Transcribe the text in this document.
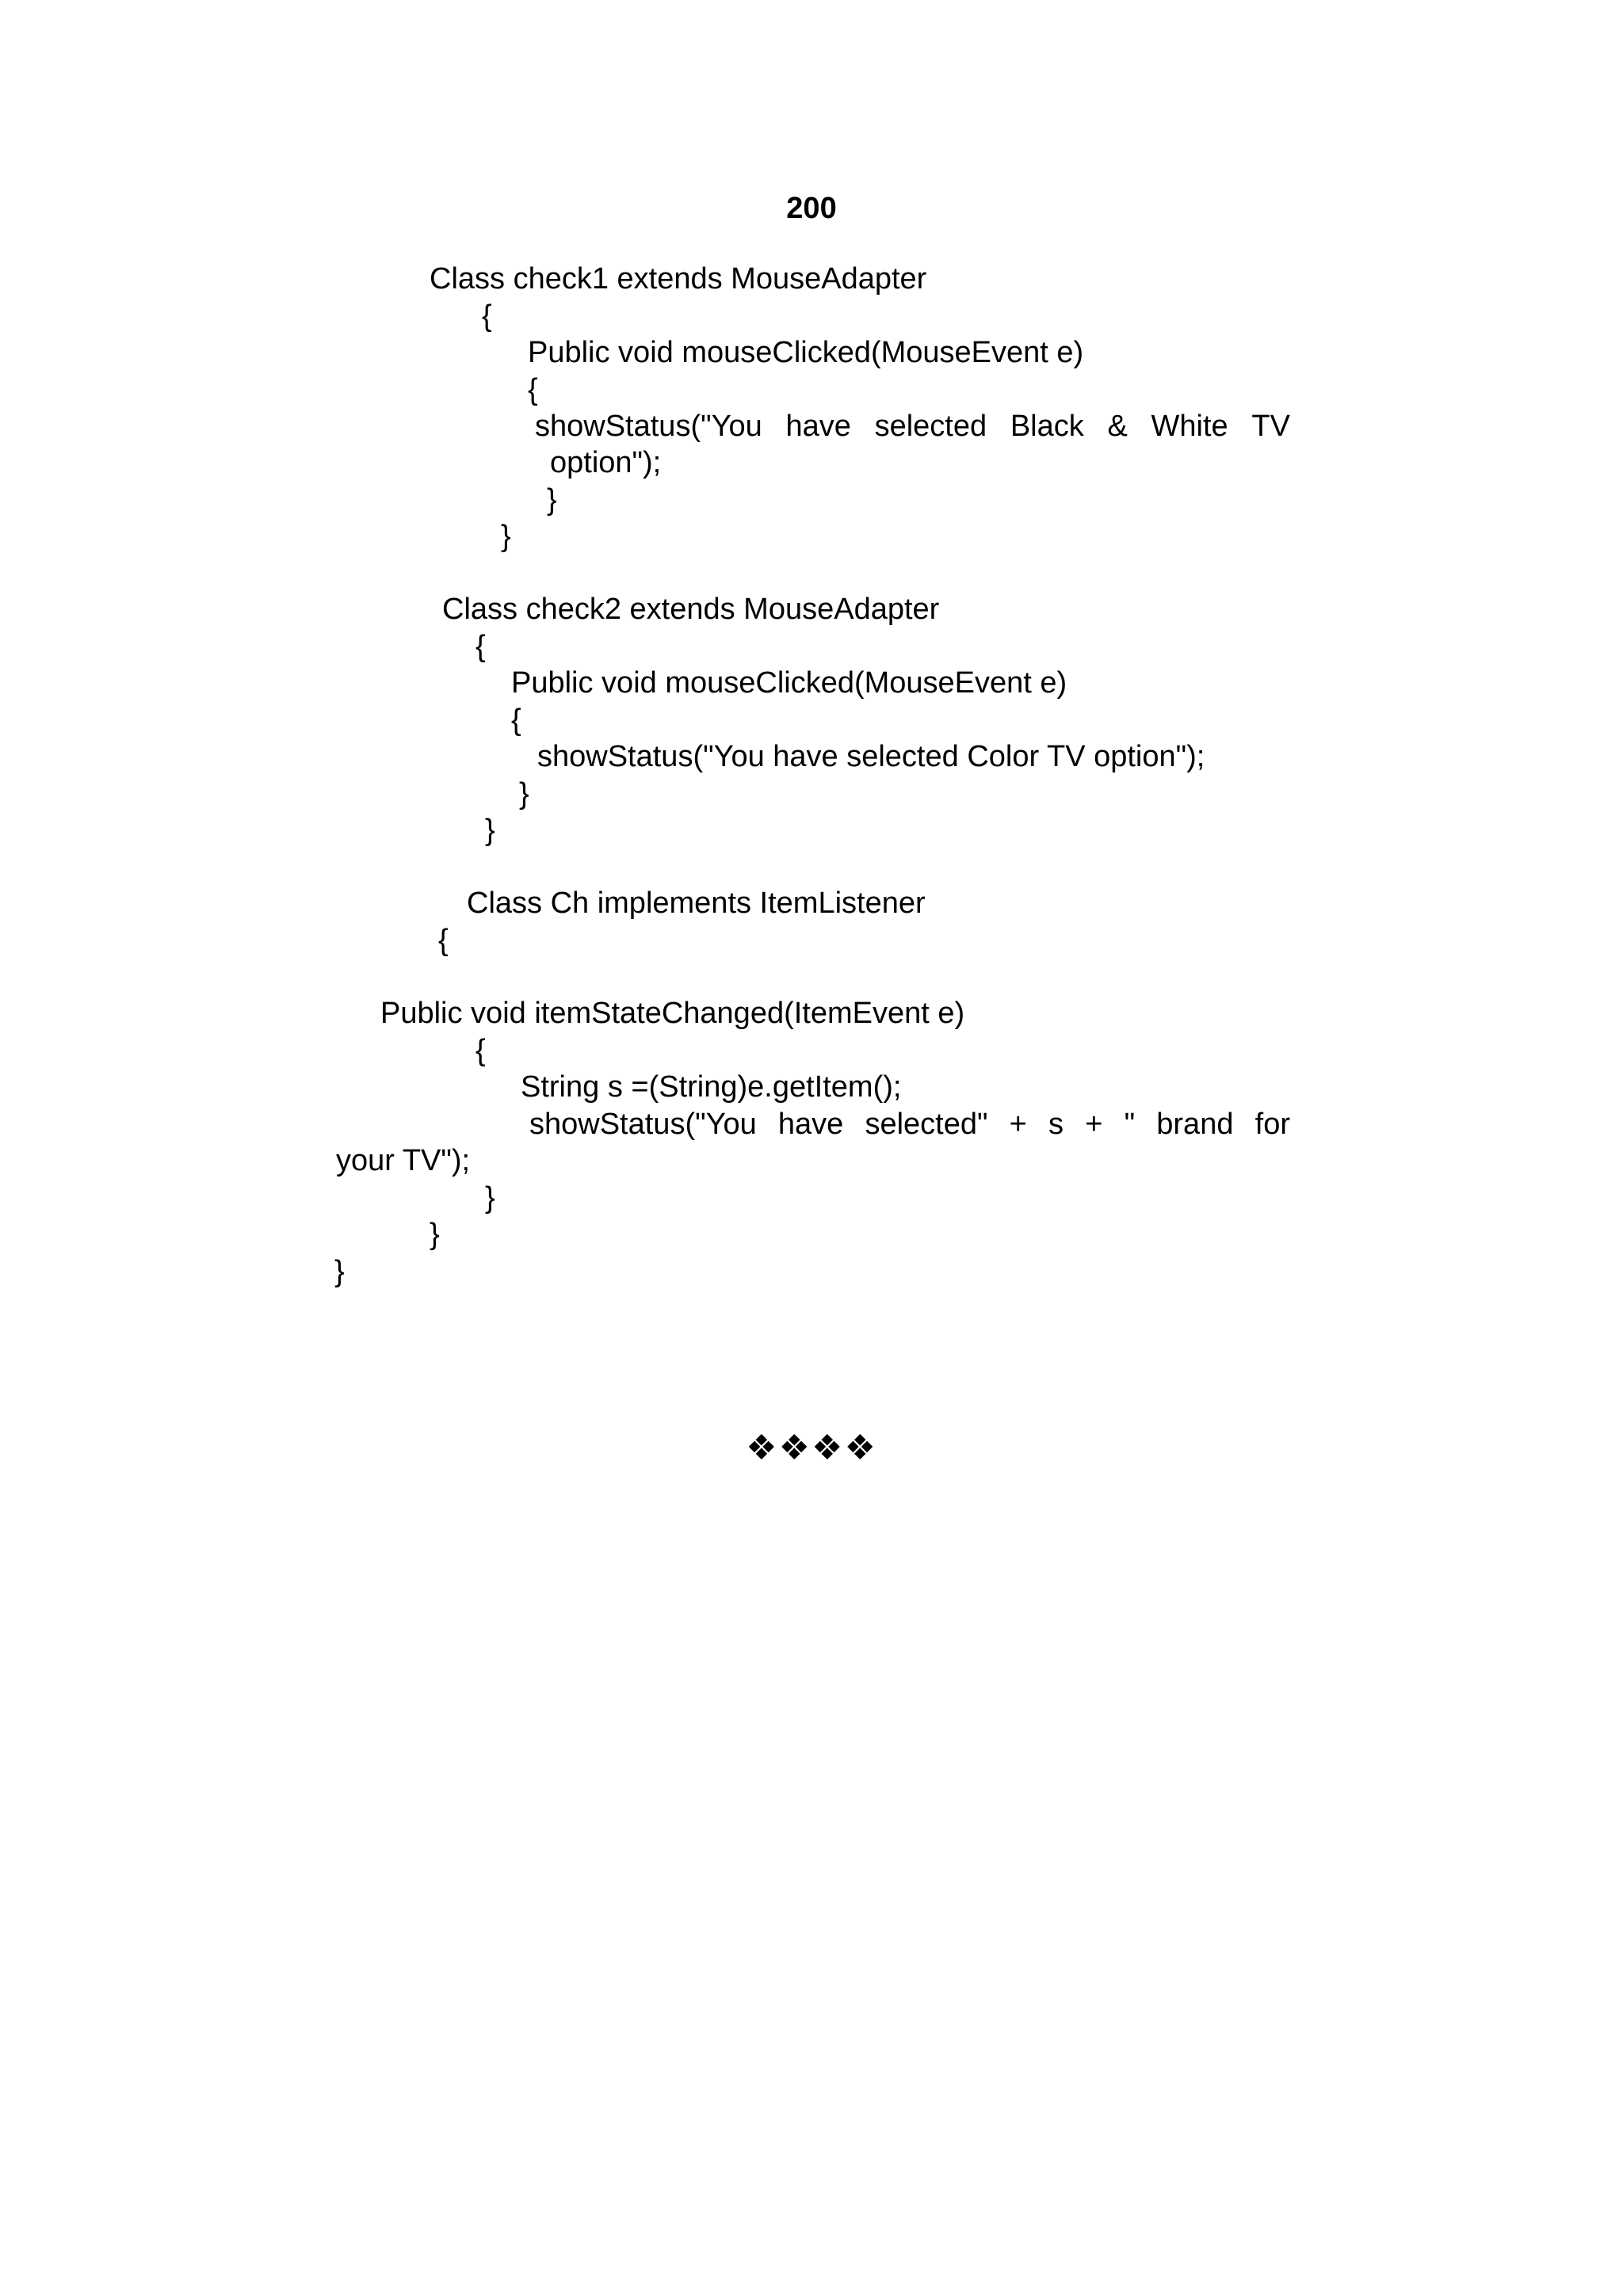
200
Class check1 extends MouseAdapter
{
Public void mouseClicked(MouseEvent e)
{
showStatus("You have selected Black & White TV
option");
}
}
Class check2 extends MouseAdapter
{
Public void mouseClicked(MouseEvent e)
{
showStatus("You have selected Color TV option");
}
}
Class Ch implements ItemListener
{
Public void itemStateChanged(ItemEvent e)
{
String s =(String)e.getItem();
showStatus("You have selected" + s + " brand for
your TV");
}
}
}
❖❖❖❖
